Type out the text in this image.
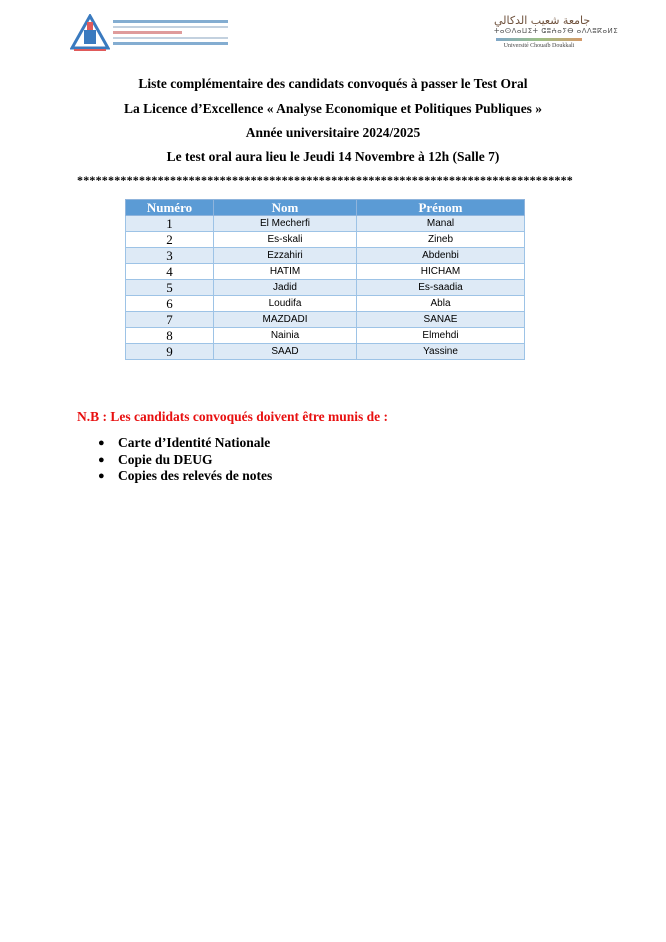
جامعة شعيب الدكالي
ⵜⴰⵙⴷⴰⵡⵉⵜ ⵛⵓⵄⴰⵢⴱ ⴰⴷⴷⵓⴽⴰⵍⵉ
Université Chouaïb Doukkali
Liste complémentaire des candidats convoqués à passer le Test Oral
La Licence d’Excellence « Analyse Economique et Politiques Publiques »
Année universitaire 2024/2025
Le test oral aura lieu le Jeudi 14 Novembre à 12h (Salle 7)
********************************************************************************
Numéro	Nom	Prénom
1	El Mecherfi	Manal
2	Es-skali	Zineb
3	Ezzahiri	Abdenbi
4	HATIM	HICHAM
5	Jadid	Es-saadia
6	Loudifa	Abla
7	MAZDADI	SANAE
8	Nainia	Elmehdi
9	SAAD	Yassine
N.B : Les candidats convoqués doivent être munis de :
● Carte d’Identité Nationale
● Copie du DEUG
● Copies des relevés de notes
